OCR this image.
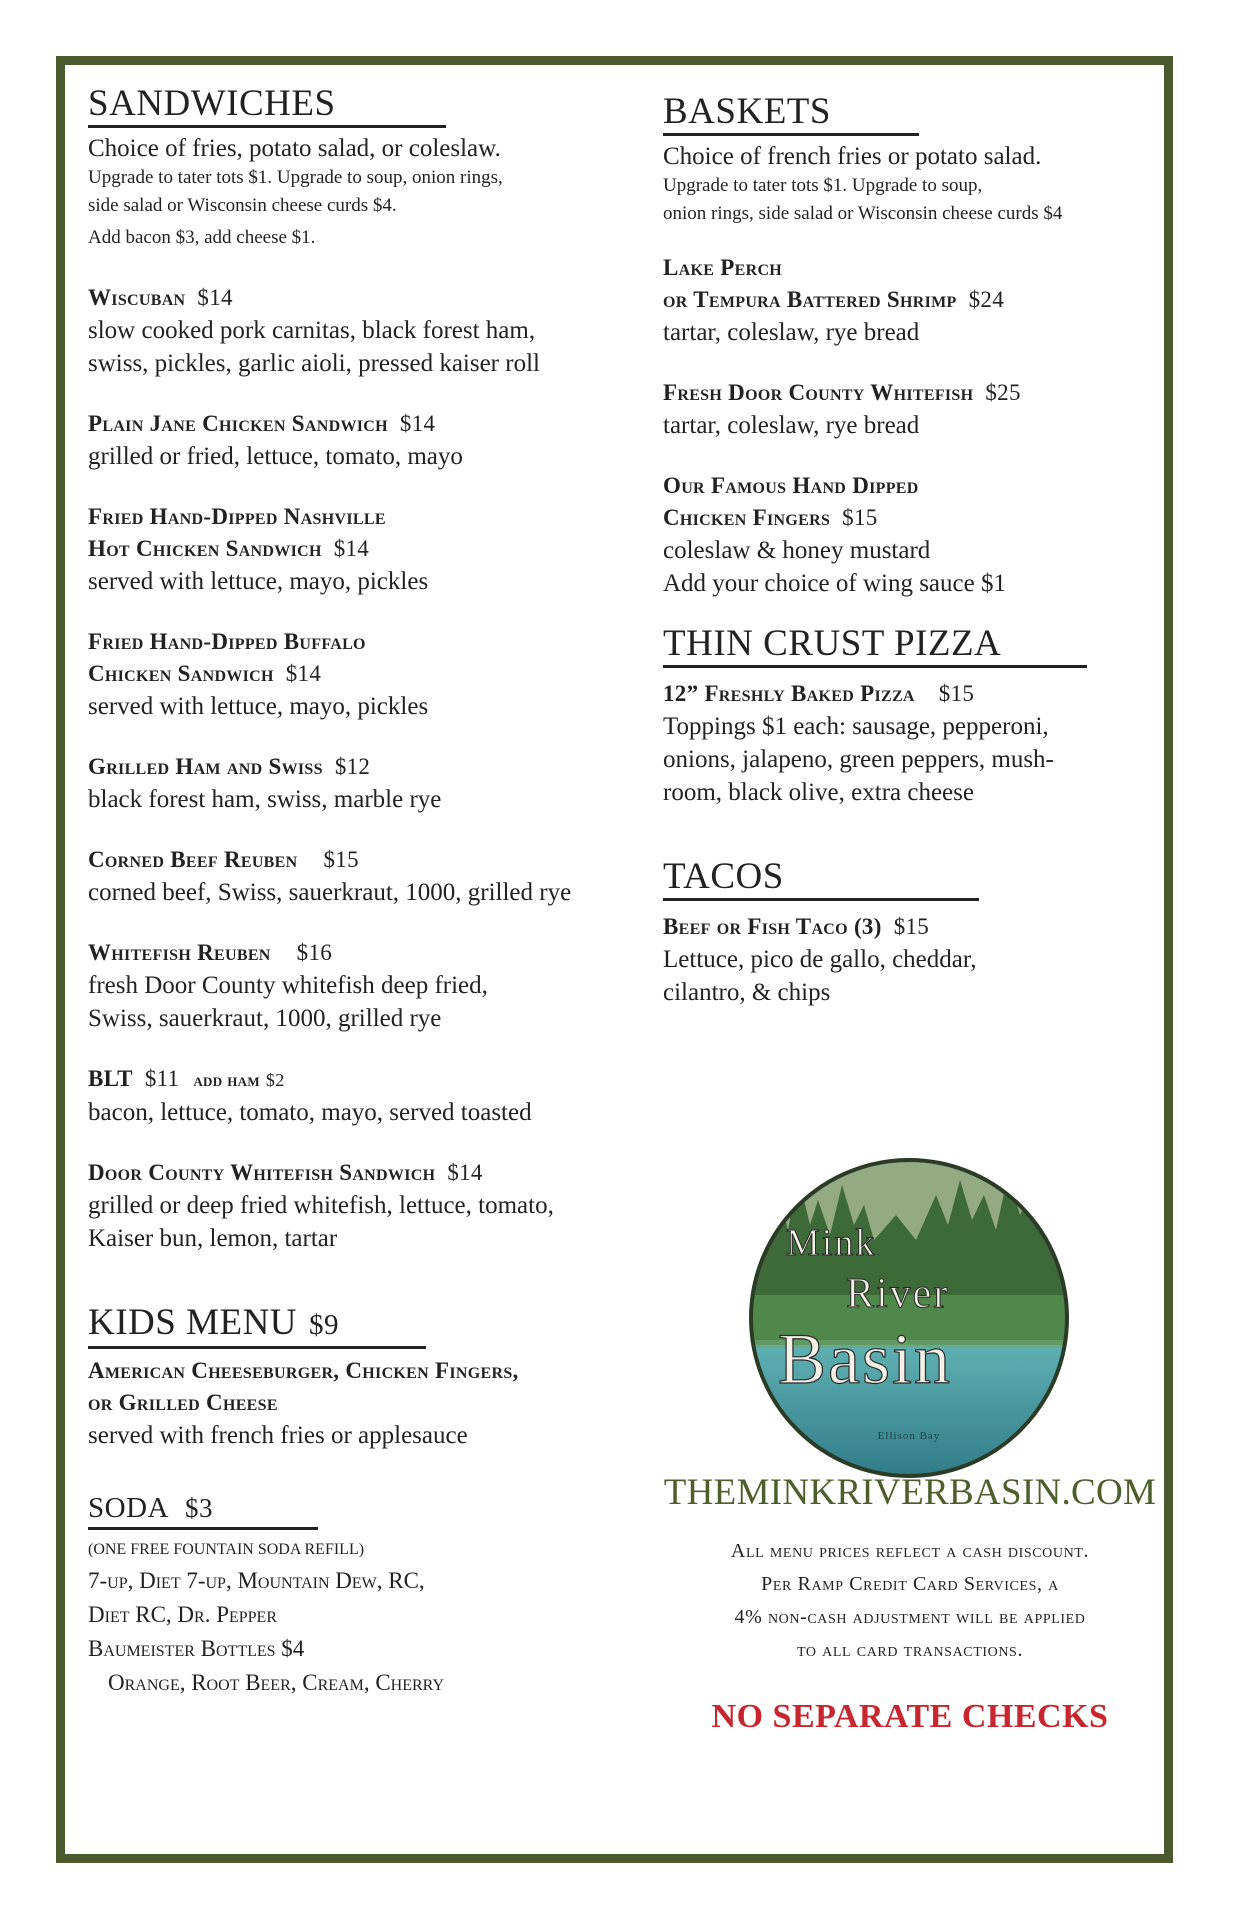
SANDWICHES
Choice of fries, potato salad, or coleslaw.
Upgrade to tater tots $1. Upgrade to soup, onion rings,
side salad or Wisconsin cheese curds $4.
Add bacon $3, add cheese $1.
Wiscuban $14
slow cooked pork carnitas, black forest ham,
swiss, pickles, garlic aioli, pressed kaiser roll
Plain Jane Chicken Sandwich $14
grilled or fried, lettuce, tomato, mayo
Fried Hand-Dipped Nashville
Hot Chicken Sandwich $14
served with lettuce, mayo, pickles
Fried Hand-Dipped Buffalo
Chicken Sandwich $14
served with lettuce, mayo, pickles
Grilled Ham and Swiss $12
black forest ham, swiss, marble rye
Corned Beef Reuben $15
corned beef, Swiss, sauerkraut, 1000, grilled rye
Whitefish Reuben $16
fresh Door County whitefish deep fried,
Swiss, sauerkraut, 1000, grilled rye
BLT $11 add ham $2
bacon, lettuce, tomato, mayo, served toasted
Door County Whitefish Sandwich $14
grilled or deep fried whitefish, lettuce, tomato,
Kaiser bun, lemon, tartar
KIDS MENU $9
American Cheeseburger, Chicken Fingers,
or Grilled Cheese
served with french fries or applesauce
SODA $3
(ONE FREE FOUNTAIN SODA REFILL)
7-up, Diet 7-up, Mountain Dew, RC,
Diet RC, Dr. Pepper
Baumeister Bottles $4
Orange, Root Beer, Cream, Cherry
BASKETS
Choice of french fries or potato salad.
Upgrade to tater tots $1. Upgrade to soup,
onion rings, side salad or Wisconsin cheese curds $4
Lake Perch
or Tempura Battered Shrimp $24
tartar, coleslaw, rye bread
Fresh Door County Whitefish $25
tartar, coleslaw, rye bread
Our Famous Hand Dipped
Chicken Fingers $15
coleslaw & honey mustard
Add your choice of wing sauce $1
THIN CRUST PIZZA
12” Freshly Baked Pizza $15
Toppings $1 each: sausage, pepperoni,
onions, jalapeno, green peppers, mush-
room, black olive, extra cheese
TACOS
Beef or Fish Taco (3) $15
Lettuce, pico de gallo, cheddar,
cilantro, & chips
Mink
River
Basin
Ellison Bay
THEMINKRIVERBASIN.COM
All menu prices reflect a cash discount.
Per Ramp Credit Card Services, a
4% non-cash adjustment will be applied
to all card transactions.
NO SEPARATE CHECKS
